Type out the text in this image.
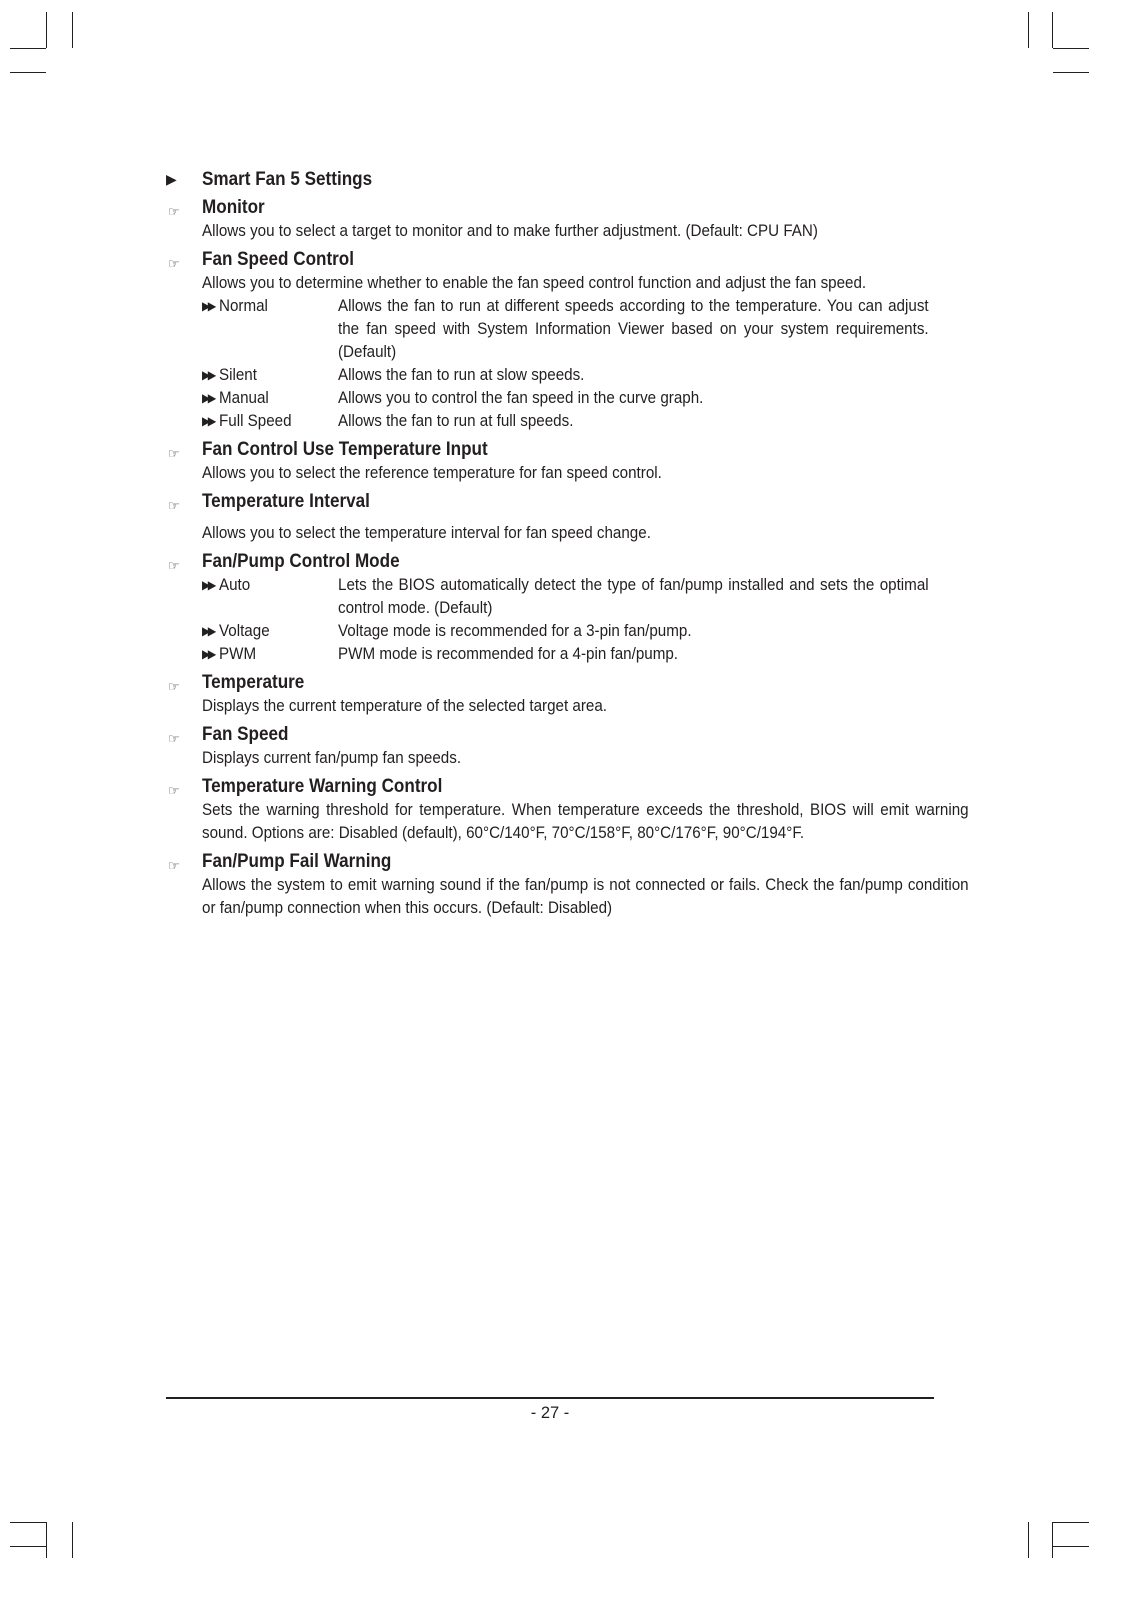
▶	Smart Fan 5 Settings
☞ Monitor
Allows you to select a target to monitor and to make further adjustment. (Default: CPU FAN)
☞ Fan Speed Control
Allows you to determine whether to enable the fan speed control function and adjust the fan speed.
▶▶ Normal	Allows the fan to run at different speeds according to the temperature. You can adjust the fan speed with System Information Viewer based on your system requirements. (Default)
▶▶ Silent	Allows the fan to run at slow speeds.
▶▶ Manual	Allows you to control the fan speed in the curve graph.
▶▶ Full Speed	Allows the fan to run at full speeds.
☞ Fan Control Use Temperature Input
Allows you to select the reference temperature for fan speed control.
☞ Temperature Interval
Allows you to select the temperature interval for fan speed change.
☞ Fan/Pump Control Mode
▶▶ Auto	Lets the BIOS automatically detect the type of fan/pump installed and sets the optimal control mode. (Default)
▶▶ Voltage	Voltage mode is recommended for a 3-pin fan/pump.
▶▶ PWM	PWM mode is recommended for a 4-pin fan/pump.
☞ Temperature
Displays the current temperature of the selected target area.
☞ Fan Speed
Displays current fan/pump fan speeds.
☞ Temperature Warning Control
Sets the warning threshold for temperature. When temperature exceeds the threshold, BIOS will emit warning sound. Options are: Disabled (default), 60°C/140°F, 70°C/158°F, 80°C/176°F, 90°C/194°F.
☞ Fan/Pump Fail Warning
Allows the system to emit warning sound if the fan/pump is not connected or fails. Check the fan/pump condition or fan/pump connection when this occurs. (Default: Disabled)
- 27 -
